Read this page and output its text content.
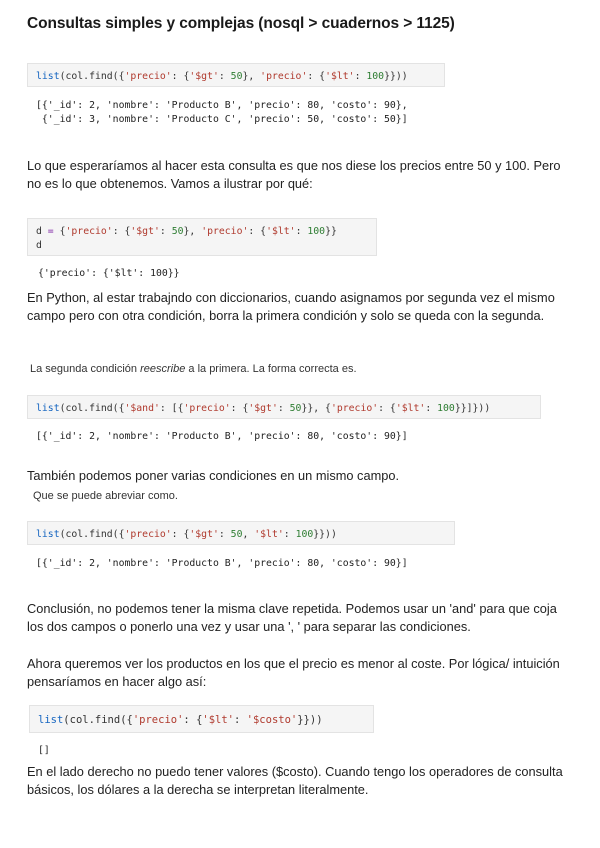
Consultas simples y complejas (nosql > cuadernos > 1125)
list(col.find({'precio': {'$gt': 50}, 'precio': {'$lt': 100}}))
[{'_id': 2, 'nombre': 'Producto B', 'precio': 80, 'costo': 90},
{'_id': 3, 'nombre': 'Producto C', 'precio': 50, 'costo': 50}]
Lo que esperaríamos al hacer esta consulta es que nos diese los precios entre 50 y 100. Pero no es lo que obtenemos. Vamos a ilustrar por qué:
d = {'precio': {'$gt': 50}, 'precio': {'$lt': 100}}
d
{'precio': {'$lt': 100}}
En Python, al estar trabajndo con diccionarios, cuando asignamos por segunda vez el mismo campo pero con otra condición, borra la primera condición y solo se queda con la segunda.
La segunda condición reescribe a la primera. La forma correcta es.
list(col.find({'$and': [{'precio': {'$gt': 50}}, {'precio': {'$lt': 100}}]}))
[{'_id': 2, 'nombre': 'Producto B', 'precio': 80, 'costo': 90}]
También podemos poner varias condiciones en un mismo campo.
Que se puede abreviar como.
list(col.find({'precio': {'$gt': 50, '$lt': 100}}))
[{'_id': 2, 'nombre': 'Producto B', 'precio': 80, 'costo': 90}]
Conclusión, no podemos tener la misma clave repetida. Podemos usar un 'and' para que coja los dos campos o ponerlo una vez y usar una ', ' para separar las condiciones.
Ahora queremos ver los productos en los que el precio es menor al coste. Por lógica/ intuición pensaríamos en hacer algo así:
list(col.find({'precio': {'$lt': '$costo'}}))
[]
En el lado derecho no puedo tener valores ($costo). Cuando tengo los operadores de consulta básicos, los dólares a la derecha se interpretan literalmente.
